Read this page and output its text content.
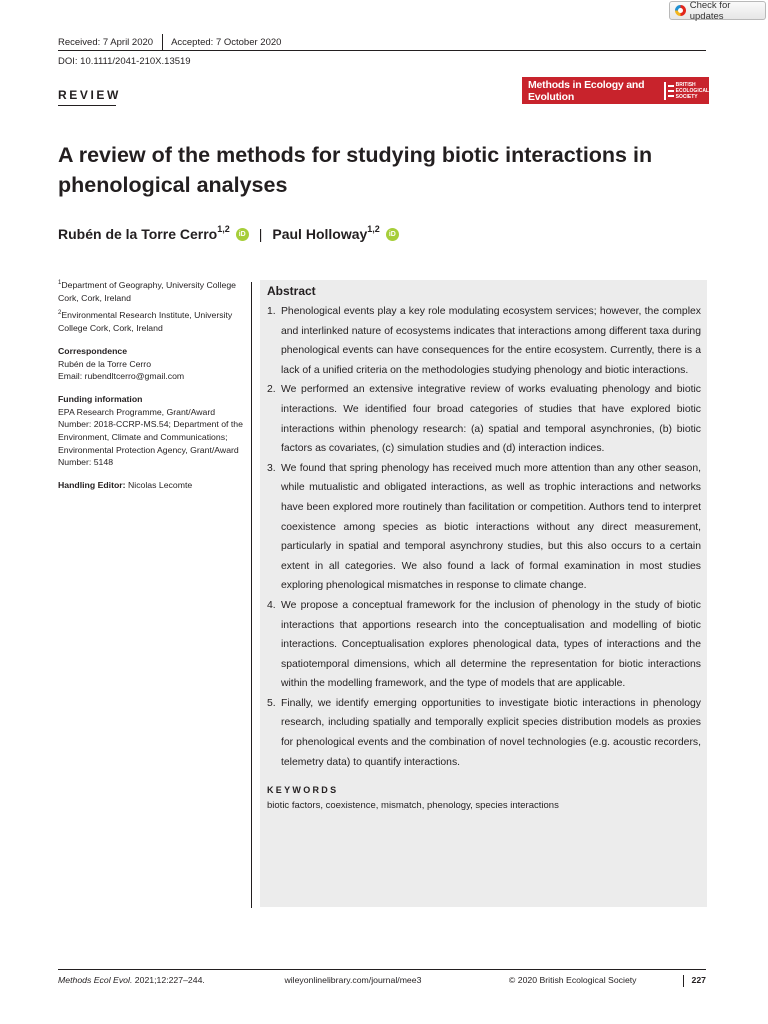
Check for updates
Received: 7 April 2020 Accepted: 7 October 2020
DOI: 10.1111/2041-210X.13519
REVIEW
Methods in Ecology and Evolution
BRITISH
ECOLOGICAL
SOCIETY
A review of the methods for studying biotic interactions in phenological analyses
Rubén de la Torre Cerro$^{1,2}$	iD | Paul Holloway$^{1,2}$	iD

$^1$Department of Geography, University College Cork, Cork, Ireland

$^2$Environmental Research Institute, University College Cork, Cork, Ireland

Correspondence
Rubén de la Torre Cerro
Email: rubendltcerro@gmail.com
Funding information
EPA Research Programme, Grant/Award Number: 2018-CCRP-MS.54; Department of the Environment, Climate and Communications; Environmental Protection Agency, Grant/Award Number: 5148
Handling Editor: Nicolas Lecomte
Abstract
1. Phenological events play a key role modulating ecosystem services; however, the complex and interlinked nature of ecosystems indicates that interactions among different taxa during phenological events can have consequences for the entire ecosystem. Currently, there is a lack of a unified criteria on the methodologies studying phenology and biotic interactions.
2. We performed an extensive integrative review of works evaluating phenology and biotic interactions. We identified four broad categories of studies that have explored biotic interactions within phenology research: (a) spatial and temporal asynchronies, (b) biotic factors as covariates, (c) simulation studies and (d) interaction indices.
3. We found that spring phenology has received much more attention than any other season, while mutualistic and obligated interactions, as well as trophic interactions and networks have been explored more routinely than facilitation or competition. Authors tend to interpret coexistence among species as biotic interactions without any direct measurement, particularly in spatial and temporal asynchrony studies, but this also occurs to a certain extent in all categories. We also found a lack of formal examination in most studies exploring phenological mismatches in response to climate change.
4. We propose a conceptual framework for the inclusion of phenology in the study of biotic interactions that apportions research into the conceptualisation and modelling of biotic interactions. Conceptualisation explores phenological data, types of interactions and the spatiotemporal dimensions, which all determine the representation for biotic interactions within the modelling framework, and the type of models that are applicable.
5. Finally, we identify emerging opportunities to investigate biotic interactions in phenology research, including spatially and temporally explicit species distribution models as proxies for phenological events and the combination of novel technologies (e.g. acoustic recorders, telemetry data) to quantify interactions.
KEYWORDS
biotic factors, coexistence, mismatch, phenology, species interactions
Methods Ecol Evol. 2021;12:227–244.	wileyonlinelibrary.com/journal/mee3	© 2020 British Ecological Society	227
